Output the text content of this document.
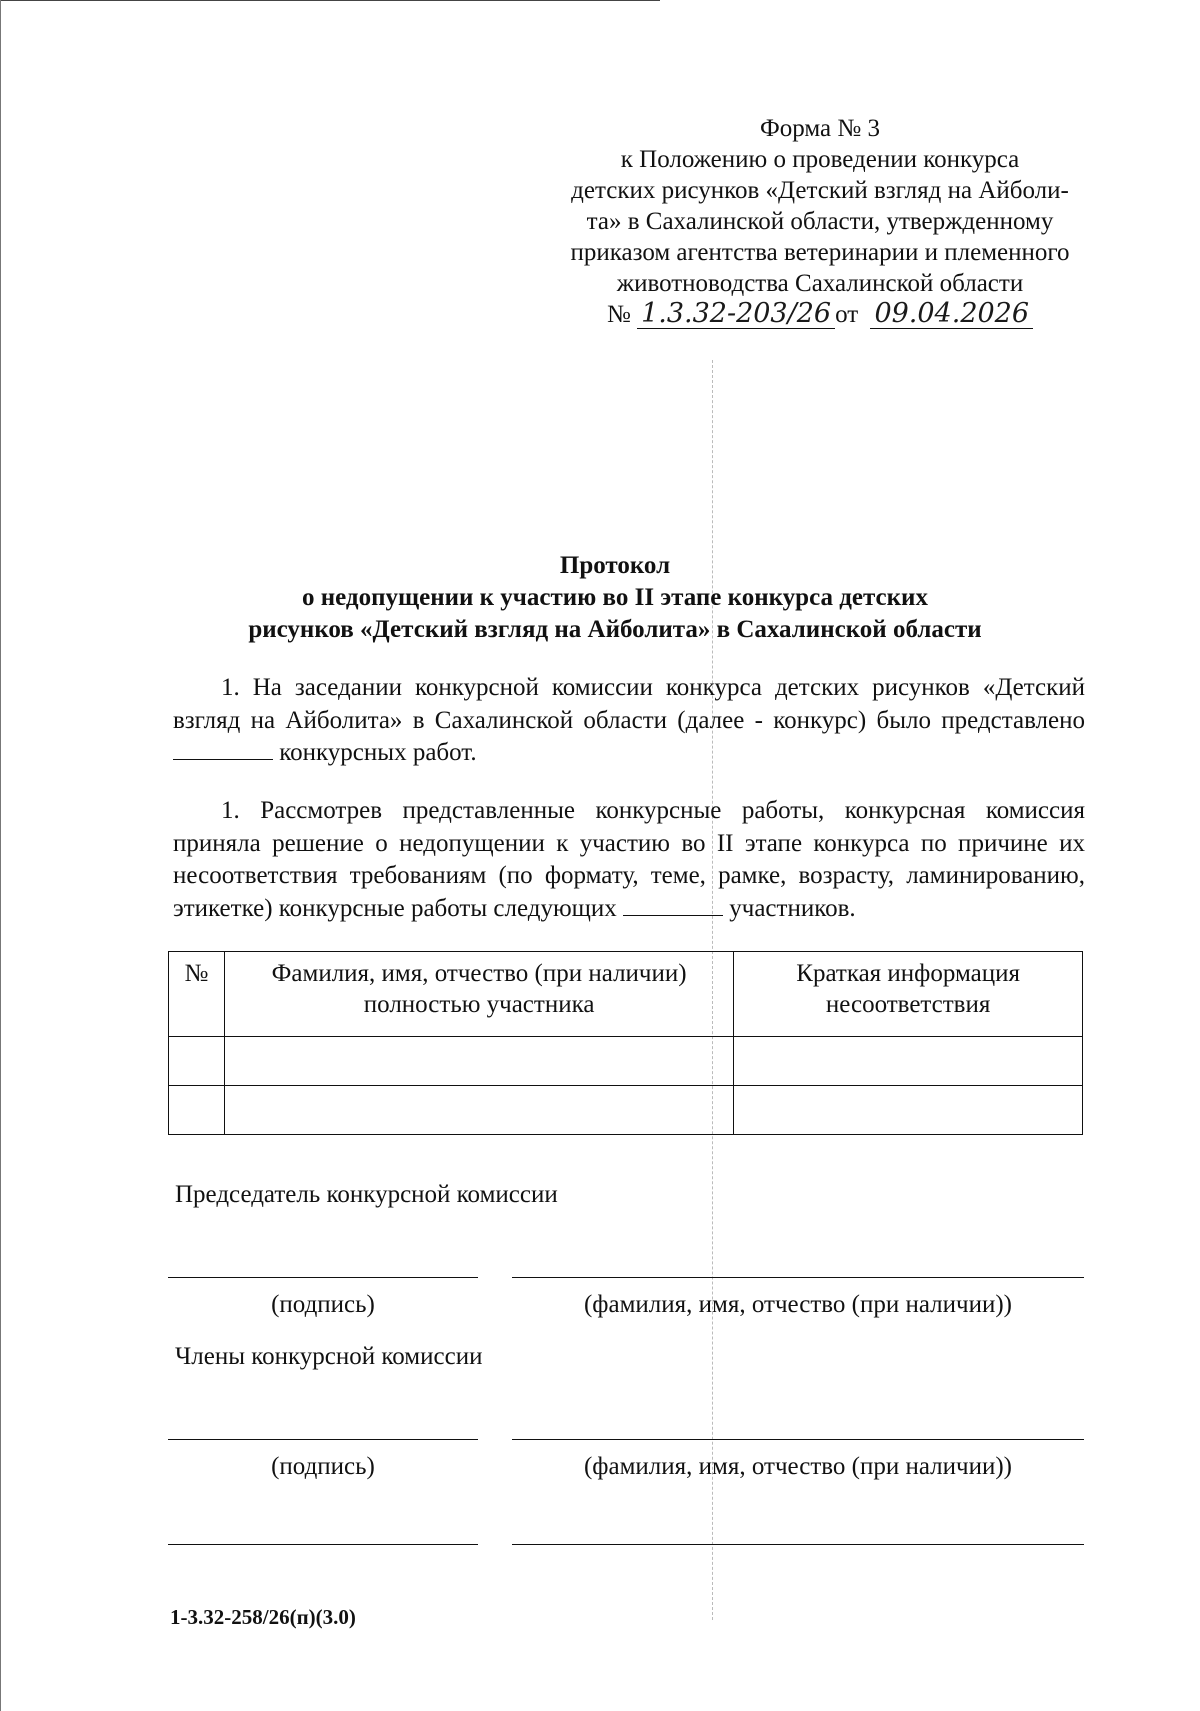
Форма № 3
к Положению о проведении конкурса
детских рисунков «Детский взгляд на Айболи-
та» в Сахалинской области, утвержденному
приказом агентства ветеринарии и племенного
животноводства Сахалинской области
№ 1.3.32-203/26 от 09.04.2026
Протокол
о недопущении к участию во II этапе конкурса детских
рисунков «Детский взгляд на Айболита» в Сахалинской области
1. На заседании конкурсной комиссии конкурса детских рисунков «Детский взгляд на Айболита» в Сахалинской области (далее - конкурс) было представлено  конкурсных работ.
1. Рассмотрев представленные конкурсные работы, конкурсная комиссия приняла решение о недопущении к участию во II этапе конкурса по причине их несоответствия требованиям (по формату, теме, рамке, возрасту, ламинированию, этикетке) конкурсные работы следующих	участников.
№	Фамилия, имя, отчество (при наличии) полностью участника	Краткая информация несоответствия

Председатель конкурсной комиссии
(подпись)	(фамилия, имя, отчество (при наличии))
Члены конкурсной комиссии
(подпись)	(фамилия, имя, отчество (при наличии))
1-3.32-258/26(п)(3.0)
